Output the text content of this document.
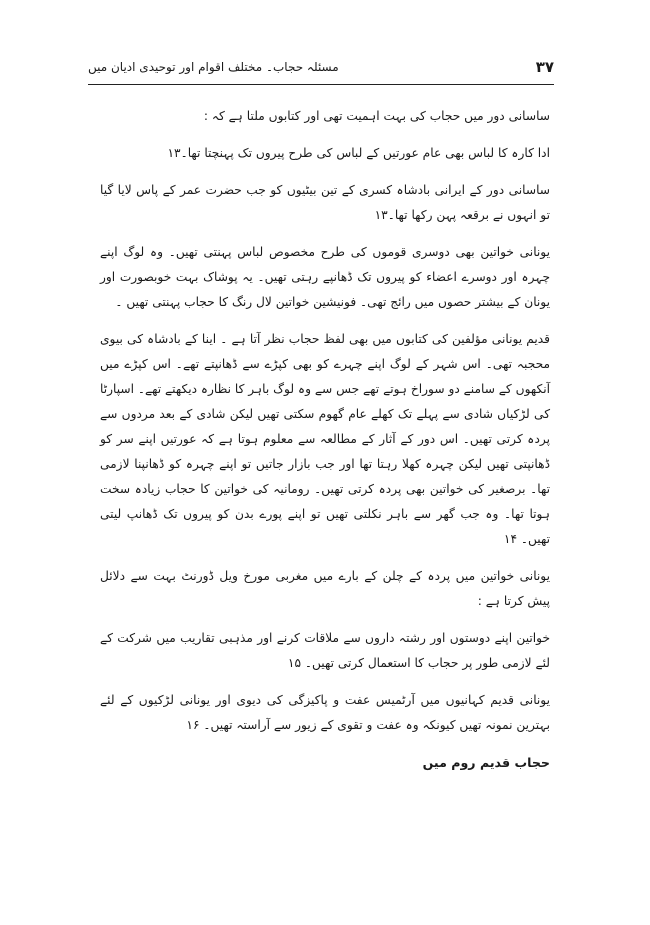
مسئلہ حجاب۔ مختلف اقوام اور توحیدی ادیان میں	۳۷

ساسانی دور میں حجاب کی بہت اہمیت تھی اور کتابوں ملتا ہے کہ :

ادا کارہ کا لباس بھی عام عورتیں کے لباس کی طرح پیروں تک پہنچتا تھا۔۱۳

ساسانی دور کے ایرانی بادشاہ کسری کے تین بیٹیوں کو جب حضرت عمر کے پاس لایا گیا تو انہوں نے برقعہ پہن رکھا تھا۔۱۳

یونانی خواتین بھی دوسری قوموں کی طرح مخصوص لباس پہنتی تھیں۔ وہ لوگ اپنے چہرہ اور دوسرے اعضاء کو پیروں تک ڈھانپے رہتی تھیں۔ یہ پوشاک بہت خوبصورت اور یونان کے بیشتر حصوں میں رائج تھی۔ فونیشین خواتین لال رنگ کا حجاب پہنتی تھیں ۔

قدیم یونانی مؤلفین کی کتابوں میں بھی لفظ حجاب نظر آتا ہے ۔ اینا کے بادشاہ کی بیوی محجبہ تھی۔ اس شہر کے لوگ اپنے چہرے کو بھی کپڑے سے ڈھانپتے تھے۔ اس کپڑے میں آنکھوں کے سامنے دو سوراخ ہوتے تھے جس سے وہ لوگ باہر کا نظارہ دیکھتے تھے۔ اسپارٹا کی لڑکیاں شادی سے پہلے تک کھلے عام گھوم سکتی تھیں لیکن شادی کے بعد مردوں سے پردہ کرتی تھیں۔ اس دور کے آثار کے مطالعہ سے معلوم ہوتا ہے کہ عورتیں اپنے سر کو ڈھانپتی تھیں لیکن چہرہ کھلا رہتا تھا اور جب بازار جاتیں تو اپنے چہرہ کو ڈھانپنا لازمی تھا۔ برصغیر کی خواتین بھی پردہ کرتی تھیں۔ رومانیہ کی خواتین کا حجاب زیادہ سخت ہوتا تھا۔ وہ جب گھر سے باہر نکلتی تھیں تو اپنے پورے بدن کو پیروں تک ڈھانپ لیتی تھیں۔ ۱۴

یونانی خواتین میں پردہ کے چلن کے بارے میں مغربی مورخ ویل ڈورنٹ بہت سے دلائل پیش کرتا ہے :

خواتین اپنے دوستوں اور رشتہ داروں سے ملاقات کرنے اور مذہبی تقاریب میں شرکت کے لئے لازمی طور پر حجاب کا استعمال کرتی تھیں۔ ۱۵

یونانی قدیم کہانیوں میں آرٹمیس عفت و پاکیزگی کی دیوی اور یونانی لڑکیوں کے لئے بہترین نمونہ تھیں کیونکہ وہ عفت و تقوی کے زیور سے آراستہ تھیں۔ ۱۶

حجاب قدیم روم میں
